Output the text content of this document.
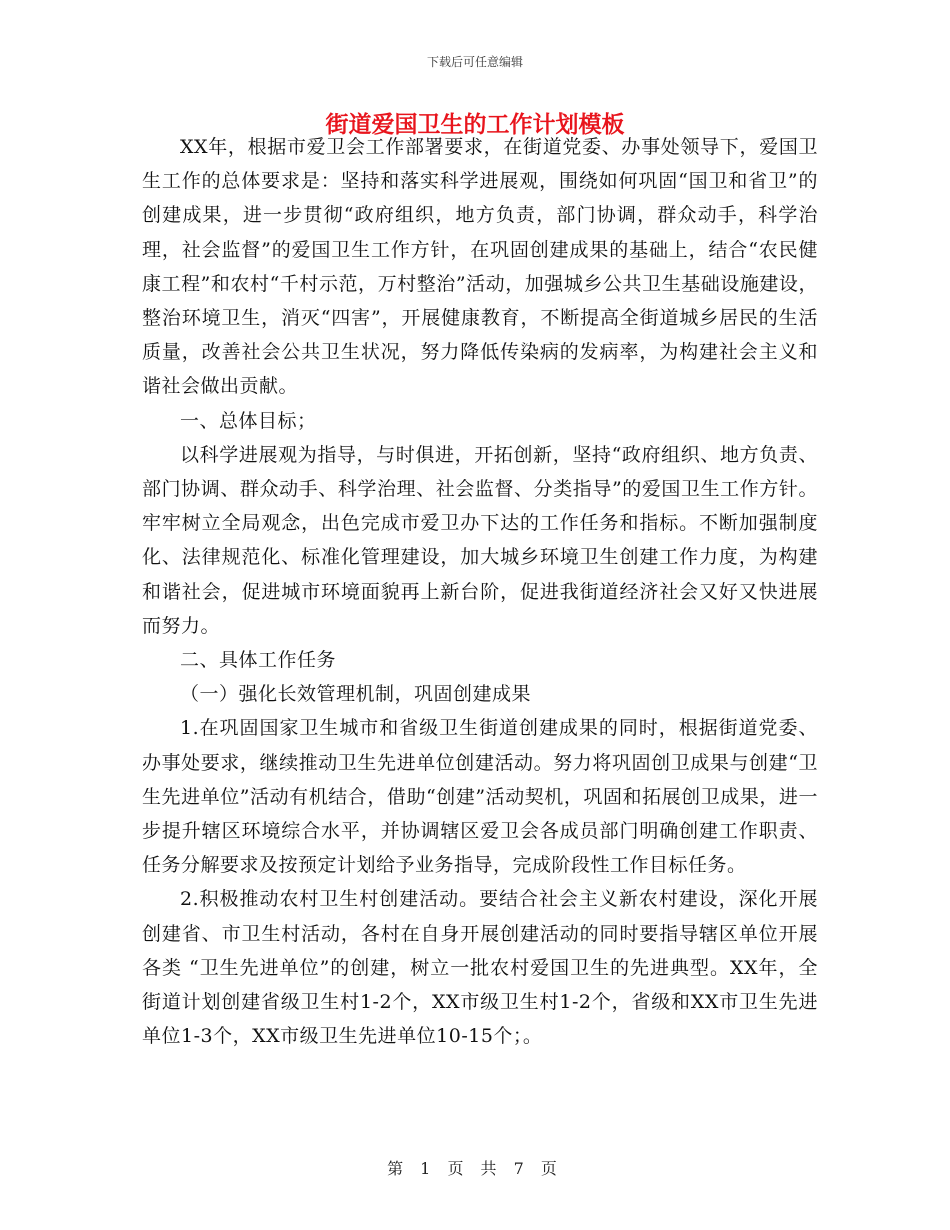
下载后可任意编辑
街道爱国卫生的工作计划模板

XX年，根据市爱卫会工作部署要求，在街道党委、办事处领导下，爱国卫生工作的总体要求是：坚持和落实科学进展观，围绕如何巩固“国卫和省卫”的创建成果，进一步贯彻“政府组织，地方负责，部门协调，群众动手，科学治理，社会监督”的爱国卫生工作方针，在巩固创建成果的基础上，结合“农民健康工程”和农村“千村示范，万村整治”活动，加强城乡公共卫生基础设施建设，整治环境卫生，消灭“四害”，开展健康教育，不断提高全街道城乡居民的生活质量，改善社会公共卫生状况，努力降低传染病的发病率，为构建社会主义和谐社会做出贡献。

一、总体目标；

以科学进展观为指导，与时俱进，开拓创新，坚持“政府组织、地方负责、部门协调、群众动手、科学治理、社会监督、分类指导”的爱国卫生工作方针。牢牢树立全局观念，出色完成市爱卫办下达的工作任务和指标。不断加强制度化、法律规范化、标准化管理建设，加大城乡环境卫生创建工作力度，为构建和谐社会，促进城市环境面貌再上新台阶，促进我街道经济社会又好又快进展而努力。

二、具体工作任务

（一）强化长效管理机制，巩固创建成果

1.在巩固国家卫生城市和省级卫生街道创建成果的同时，根据街道党委、办事处要求，继续推动卫生先进单位创建活动。努力将巩固创卫成果与创建“卫生先进单位”活动有机结合，借助“创建”活动契机，巩固和拓展创卫成果，进一步提升辖区环境综合水平，并协调辖区爱卫会各成员部门明确创建工作职责、任务分解要求及按预定计划给予业务指导，完成阶段性工作目标任务。

2.积极推动农村卫生村创建活动。要结合社会主义新农村建设，深化开展创建省、市卫生村活动，各村在自身开展创建活动的同时要指导辖区单位开展各类 “卫生先进单位”的创建，树立一批农村爱国卫生的先进典型。XX年，全街道计划创建省级卫生村1-2个，XX市级卫生村1-2个，省级和XX市卫生先进单位1-3个，XX市级卫生先进单位10-15个；。

第 1 页 共 7 页
